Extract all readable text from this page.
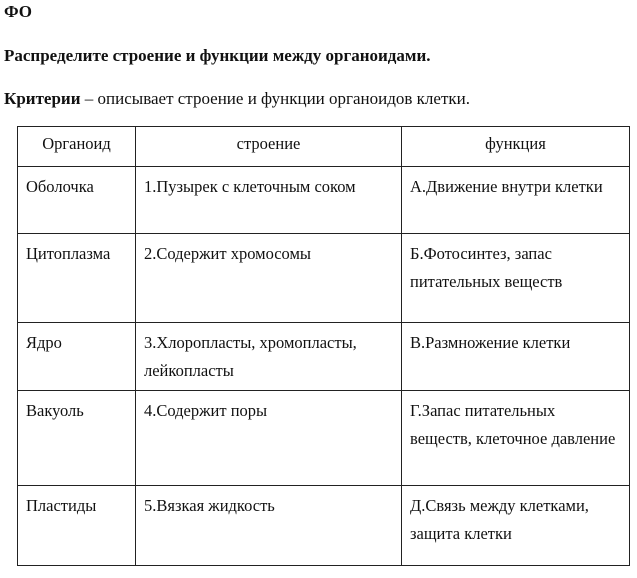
ФО
Распределите строение и функции между органоидами.
Критерии – описывает строение и функции органоидов клетки.
Органоид	строение	функция
Оболочка	1.Пузырек с клеточным соком	А.Движение внутри клетки
Цитоплазма	2.Содержит хромосомы	Б.Фотосинтез, запас питательных веществ
Ядро	3.Хлоропласты, хромопласты, лейкопласты	В.Размножение клетки
Вакуоль	4.Содержит поры	Г.Запас питательных веществ, клеточное давление
Пластиды	5.Вязкая жидкость	Д.Связь между клетками, защита клетки
